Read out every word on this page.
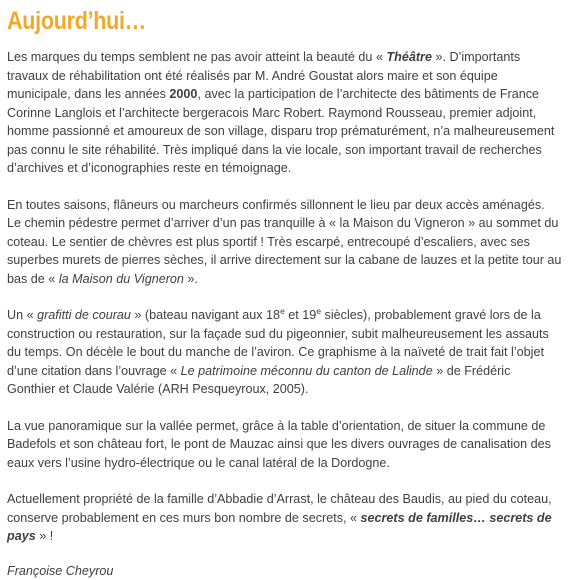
Aujourd’hui…

Les marques du temps semblent ne pas avoir atteint la beauté du « Théâtre ». D’importants travaux de réhabilitation ont été réalisés par M. André Goustat alors maire et son équipe municipale, dans les années 2000, avec la participation de l’architecte des bâtiments de France Corinne Langlois et l’architecte bergeracois Marc Robert. Raymond Rousseau, premier adjoint, homme passionné et amoureux de son village, disparu trop prématurément, n’a malheureusement pas connu le site réhabilité. Très impliqué dans la vie locale, son important travail de recherches d’archives et d’iconographies reste en témoignage.

En toutes saisons, flâneurs ou marcheurs confirmés sillonnent le lieu par deux accès aménagés. Le chemin pédestre permet d’arriver d’un pas tranquille à « la Maison du Vigneron » au sommet du coteau. Le sentier de chèvres est plus sportif ! Très escarpé, entrecoupé d’escaliers, avec ses superbes murets de pierres sèches, il arrive directement sur la cabane de lauzes et la petite tour au bas de « la Maison du Vigneron ».

Un « grafitti de courau » (bateau navigant aux 18e et 19e siècles), probablement gravé lors de la construction ou restauration, sur la façade sud du pigeonnier, subit malheureusement les assauts du temps. On décèle le bout du manche de l’aviron. Ce graphisme à la naïveté de trait fait l’objet d’une citation dans l’ouvrage « Le patrimoine méconnu du canton de Lalinde » de Frédéric Gonthier et Claude Valérie (ARH Pesqueyroux, 2005).

La vue panoramique sur la vallée permet, grâce à la table d’orientation, de situer la commune de Badefols et son château fort, le pont de Mauzac ainsi que les divers ouvrages de canalisation des eaux vers l’usine hydro-électrique ou le canal latéral de la Dordogne.

Actuellement propriété de la famille d’Abbadie d’Arrast, le château des Baudis, au pied du coteau, conserve probablement en ces murs bon nombre de secrets, « secrets de familles… secrets de pays » !

Françoise Cheyrou
